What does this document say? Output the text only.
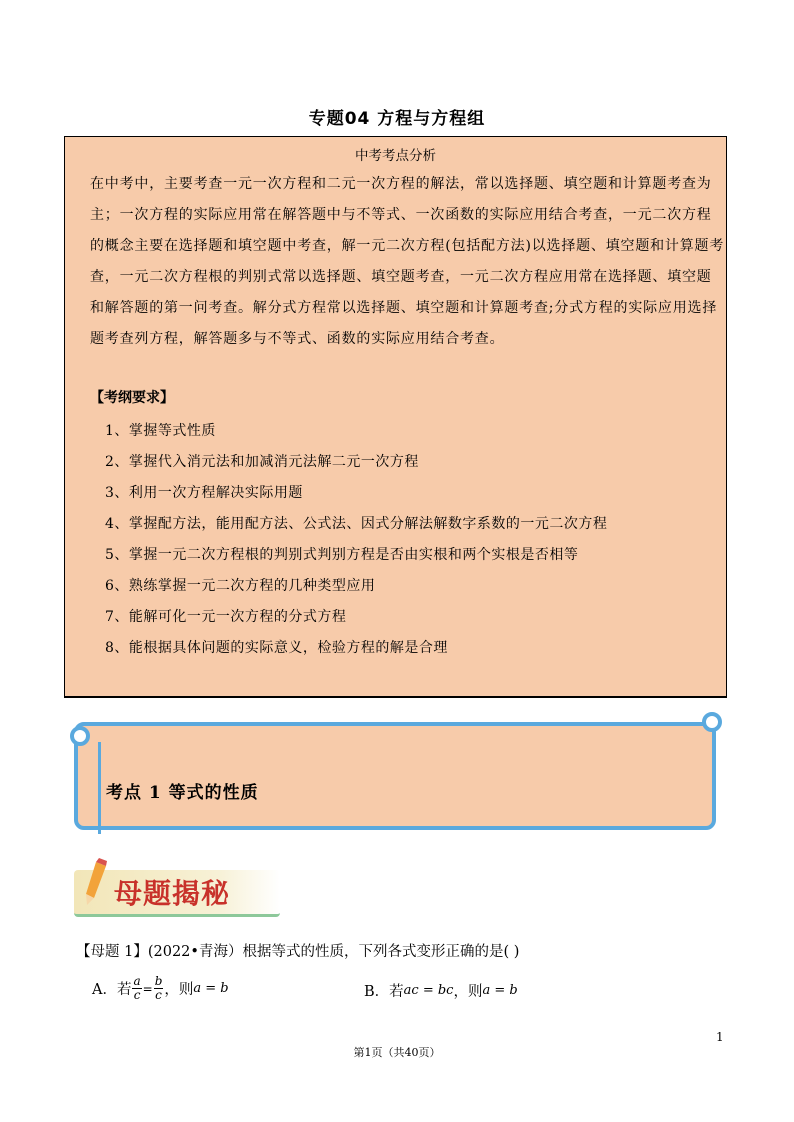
专题04 方程与方程组
中考考点分析
在中考中，主要考查一元一次方程和二元一次方程的解法，常以选择题、填空题和计算题考查为主；一次方程的实际应用常在解答题中与不等式、一次函数的实际应用结合考查，一元二次方程的概念主要在选择题和填空题中考查，解一元二次方程(包括配方法)以选择题、填空题和计算题考查，一元二次方程根的判别式常以选择题、填空题考查，一元二次方程应用常在选择题、填空题和解答题的第一问考查。解分式方程常以选择题、填空题和计算题考查;分式方程的实际应用选择题考查列方程，解答题多与不等式、函数的实际应用结合考查。
【考纲要求】
1、掌握等式性质
2、掌握代入消元法和加减消元法解二元一次方程
3、利用一次方程解决实际用题
4、掌握配方法，能用配方法、公式法、因式分解法解数字系数的一元二次方程
5、掌握一元二次方程根的判别式判别方程是否由实根和两个实根是否相等
6、熟练掌握一元二次方程的几种类型应用
7、能解可化一元一次方程的分式方程
8、能根据具体问题的实际意义，检验方程的解是合理
考点 1 等式的性质
母题揭秘
【母题 1】(2022•青海）根据等式的性质，下列各式变形正确的是( )
A．若 $\frac{a}{c} = \frac{b}{c}$ ，则 a = b	B．若 ac = bc ，则 a = b
1
第1页（共40页）
